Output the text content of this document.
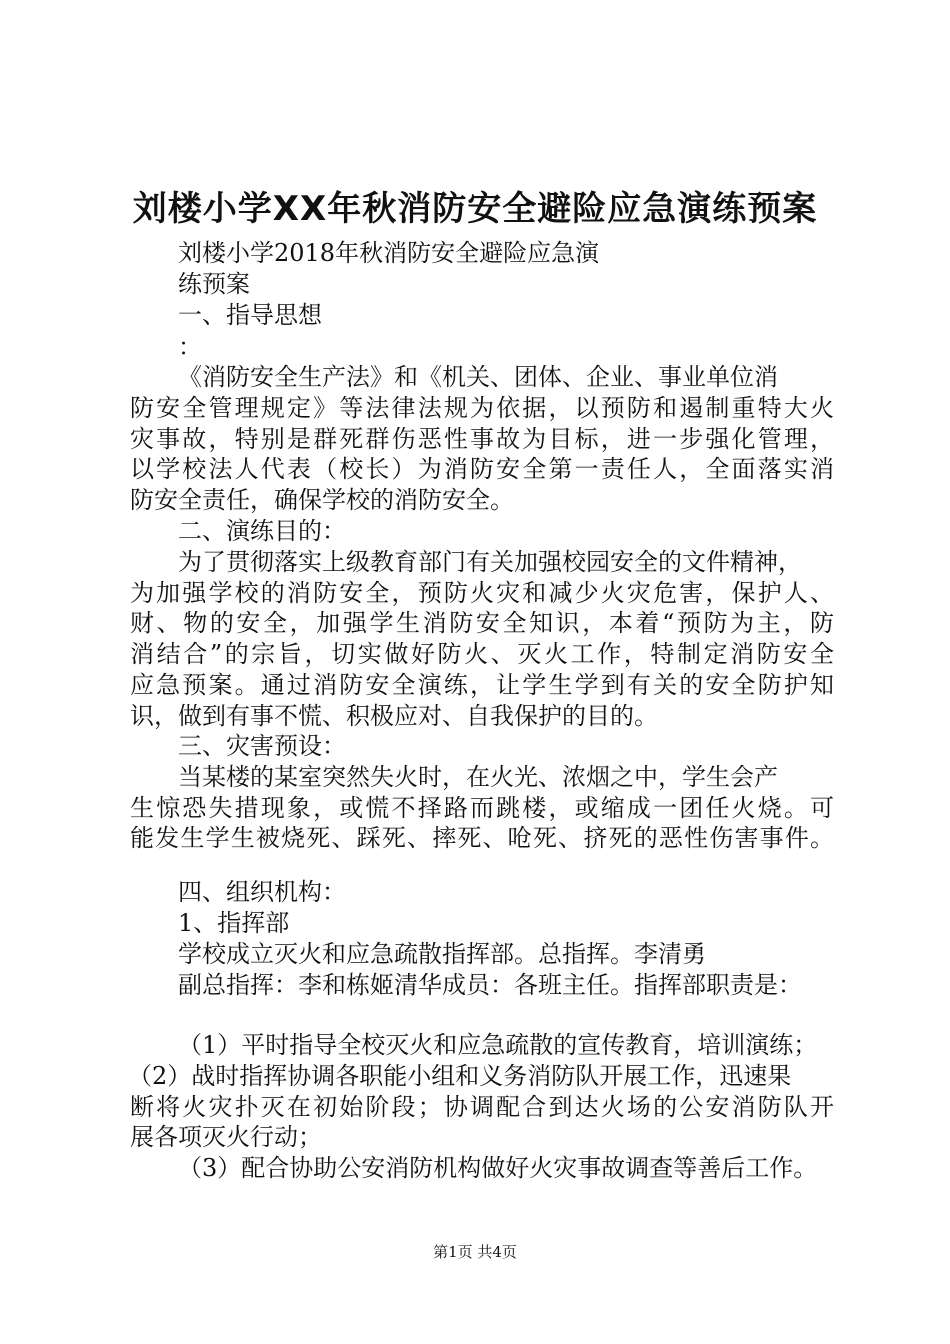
刘楼小学XX年秋消防安全避险应急演练预案

刘楼小学2018年秋消防安全避险应急演

练预案

一、指导思想

：

《消防安全生产法》和《机关、团体、企业、事业单位消

防安全管理规定》等法律法规为依据，以预防和遏制重特大火

灾事故，特别是群死群伤恶性事故为目标，进一步强化管理，

以学校法人代表（校长）为消防安全第一责任人，全面落实消

防安全责任，确保学校的消防安全。

二、演练目的：

为了贯彻落实上级教育部门有关加强校园安全的文件精神，

为加强学校的消防安全，预防火灾和减少火灾危害，保护人、

财、物的安全，加强学生消防安全知识，本着“预防为主，防

消结合”的宗旨，切实做好防火、灭火工作，特制定消防安全

应急预案。通过消防安全演练，让学生学到有关的安全防护知

识，做到有事不慌、积极应对、自我保护的目的。

三、灾害预设：

当某楼的某室突然失火时，在火光、浓烟之中，学生会产

生惊恐失措现象，或慌不择路而跳楼，或缩成一团任火烧。可

能发生学生被烧死、踩死、摔死、呛死、挤死的恶性伤害事件。

四、组织机构：

1、指挥部

学校成立灭火和应急疏散指挥部。总指挥。李清勇

副总指挥：李和栋姬清华成员：各班主任。指挥部职责是：

（1）平时指导全校灭火和应急疏散的宣传教育，培训演练；

（2）战时指挥协调各职能小组和义务消防队开展工作，迅速果

断将火灾扑灭在初始阶段；协调配合到达火场的公安消防队开

展各项灭火行动；

（3）配合协助公安消防机构做好火灾事故调查等善后工作。

第1页 共4页
